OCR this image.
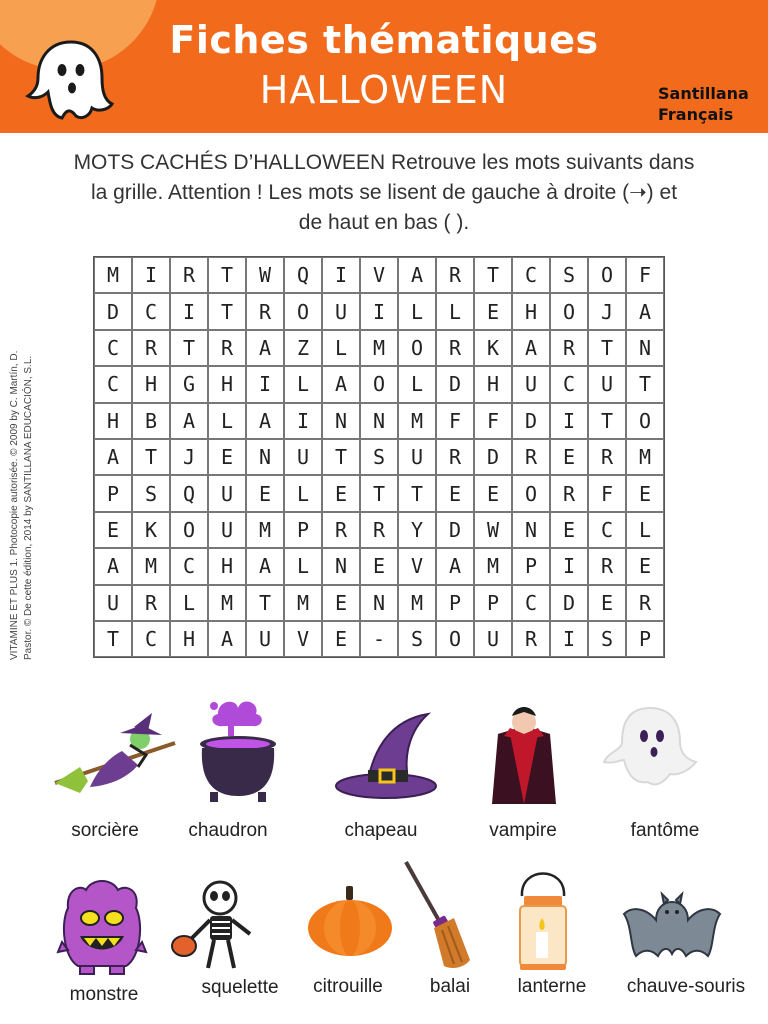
Fiches thématiques
HALLOWEEN	Santillana
Français
MOTS CACHÉS D’HALLOWEEN Retrouve les mots suivants dans
la grille. Attention ! Les mots se lisent de gauche à droite (➝) et
de haut en bas ( ).
M	I	R	T	W	Q	I	V	A	R	T	C	S	O	F
D	C	I	T	R	O	U	I	L	L	E	H	O	J	A
C	R	T	R	A	Z	L	M	O	R	K	A	R	T	N
C	H	G	H	I	L	A	O	L	D	H	U	C	U	T
H	B	A	L	A	I	N	N	M	F	F	D	I	T	O
A	T	J	E	N	U	T	S	U	R	D	R	E	R	M
P	S	Q	U	E	L	E	T	T	E	E	O	R	F	E
E	K	O	U	M	P	R	R	Y	D	W	N	E	C	L
A	M	C	H	A	L	N	E	V	A	M	P	I	R	E
U	R	L	M	T	M	E	N	M	P	P	C	D	E	R
T	C	H	A	U	V	E	-	S	O	U	R	I	S	P
VITAMINE ET PLUS 1. Photocopie autorisée. © 2009 by C. Martín, D. Pastor. © De cette édition, 2014 by SANTILLANA EDUCACIÓN, S.L.
sorcière	chaudron	chapeau	vampire	fantôme
monstre	squelette	citrouille	balai	lanterne	chauve-souris
